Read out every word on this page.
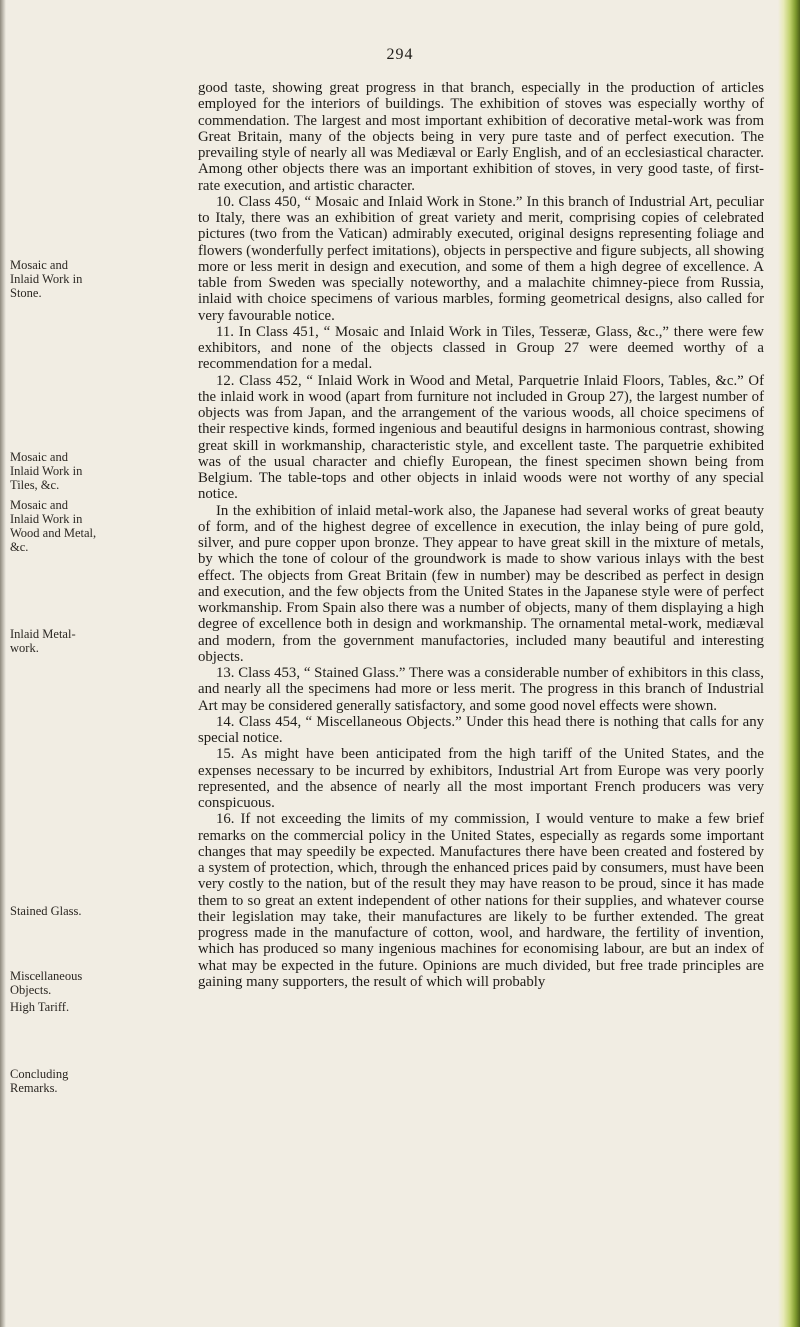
294
Mosaic and Inlaid Work in Stone.
Mosaic and Inlaid Work in Tiles, &c.
Mosaic and Inlaid Work in Wood and Metal, &c.
Inlaid Metal-work.
Stained Glass.
Miscellaneous Objects.
High Tariff.
Concluding Remarks.

good taste, showing great progress in that branch, especially in the production of articles employed for the interiors of buildings. The exhibition of stoves was especially worthy of commendation. The largest and most important exhibition of decorative metal-work was from Great Britain, many of the objects being in very pure taste and of perfect execution. The prevailing style of nearly all was Mediæval or Early English, and of an ecclesiastical character. Among other objects there was an important exhibition of stoves, in very good taste, of first-rate execution, and artistic character.

10. Class 450, “ Mosaic and Inlaid Work in Stone.” In this branch of Industrial Art, peculiar to Italy, there was an exhibition of great variety and merit, comprising copies of celebrated pictures (two from the Vatican) admirably executed, original designs representing foliage and flowers (wonderfully perfect imitations), objects in perspective and figure subjects, all showing more or less merit in design and execution, and some of them a high degree of excellence. A table from Sweden was specially noteworthy, and a malachite chimney-piece from Russia, inlaid with choice specimens of various marbles, forming geometrical designs, also called for very favourable notice.

11. In Class 451, “ Mosaic and Inlaid Work in Tiles, Tesseræ, Glass, &c.,” there were few exhibitors, and none of the objects classed in Group 27 were deemed worthy of a recommendation for a medal.

12. Class 452, “ Inlaid Work in Wood and Metal, Parquetrie Inlaid Floors, Tables, &c.” Of the inlaid work in wood (apart from furniture not included in Group 27), the largest number of objects was from Japan, and the arrangement of the various woods, all choice specimens of their respective kinds, formed ingenious and beautiful designs in harmonious contrast, showing great skill in workmanship, characteristic style, and excellent taste. The parquetrie exhibited was of the usual character and chiefly European, the finest specimen shown being from Belgium. The table-tops and other objects in inlaid woods were not worthy of any special notice.

In the exhibition of inlaid metal-work also, the Japanese had several works of great beauty of form, and of the highest degree of excellence in execution, the inlay being of pure gold, silver, and pure copper upon bronze. They appear to have great skill in the mixture of metals, by which the tone of colour of the groundwork is made to show various inlays with the best effect. The objects from Great Britain (few in number) may be described as perfect in design and execution, and the few objects from the United States in the Japanese style were of perfect workmanship. From Spain also there was a number of objects, many of them displaying a high degree of excellence both in design and workmanship. The ornamental metal-work, mediæval and modern, from the government manufactories, included many beautiful and interesting objects.

13. Class 453, “ Stained Glass.” There was a considerable number of exhibitors in this class, and nearly all the specimens had more or less merit. The progress in this branch of Industrial Art may be considered generally satisfactory, and some good novel effects were shown.

14. Class 454, “ Miscellaneous Objects.” Under this head there is nothing that calls for any special notice.

15. As might have been anticipated from the high tariff of the United States, and the expenses necessary to be incurred by exhibitors, Industrial Art from Europe was very poorly represented, and the absence of nearly all the most important French producers was very conspicuous.

16. If not exceeding the limits of my commission, I would venture to make a few brief remarks on the commercial policy in the United States, especially as regards some important changes that may speedily be expected. Manufactures there have been created and fostered by a system of protection, which, through the enhanced prices paid by consumers, must have been very costly to the nation, but of the result they may have reason to be proud, since it has made them to so great an extent independent of other nations for their supplies, and whatever course their legislation may take, their manufactures are likely to be further extended. The great progress made in the manufacture of cotton, wool, and hardware, the fertility of invention, which has produced so many ingenious machines for economising labour, are but an index of what may be expected in the future. Opinions are much divided, but free trade principles are gaining many supporters, the result of which will probably
